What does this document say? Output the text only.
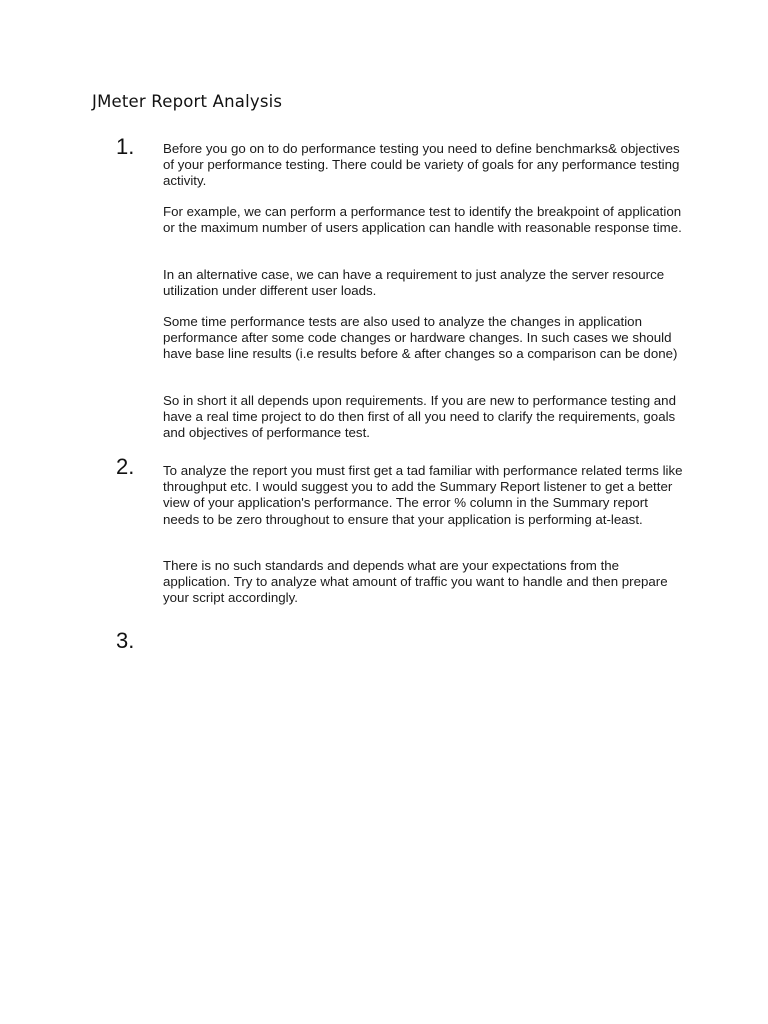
JMeter Report Analysis
1. Before you go on to do performance testing you need to define benchmarks& objectives of your performance testing. There could be variety of goals for any performance testing activity.

For example, we can perform a performance test to identify the breakpoint of application or the maximum number of users application can handle with reasonable response time.

In an alternative case, we can have a requirement to just analyze the server resource utilization under different user loads.

Some time performance tests are also used to analyze the changes in application performance after some code changes or hardware changes. In such cases we should have base line results (i.e results before & after changes so a comparison can be done)

So in short it all depends upon requirements. If you are new to performance testing and have a real time project to do then first of all you need to clarify the requirements, goals and objectives of performance test.

2. To analyze the report you must first get a tad familiar with performance related terms like throughput etc. I would suggest you to add the Summary Report listener to get a better view of your application's performance. The error % column in the Summary report needs to be zero throughout to ensure that your application is performing at-least.

There is no such standards and depends what are your expectations from the application. Try to analyze what amount of traffic you want to handle and then prepare your script accordingly.

3.
